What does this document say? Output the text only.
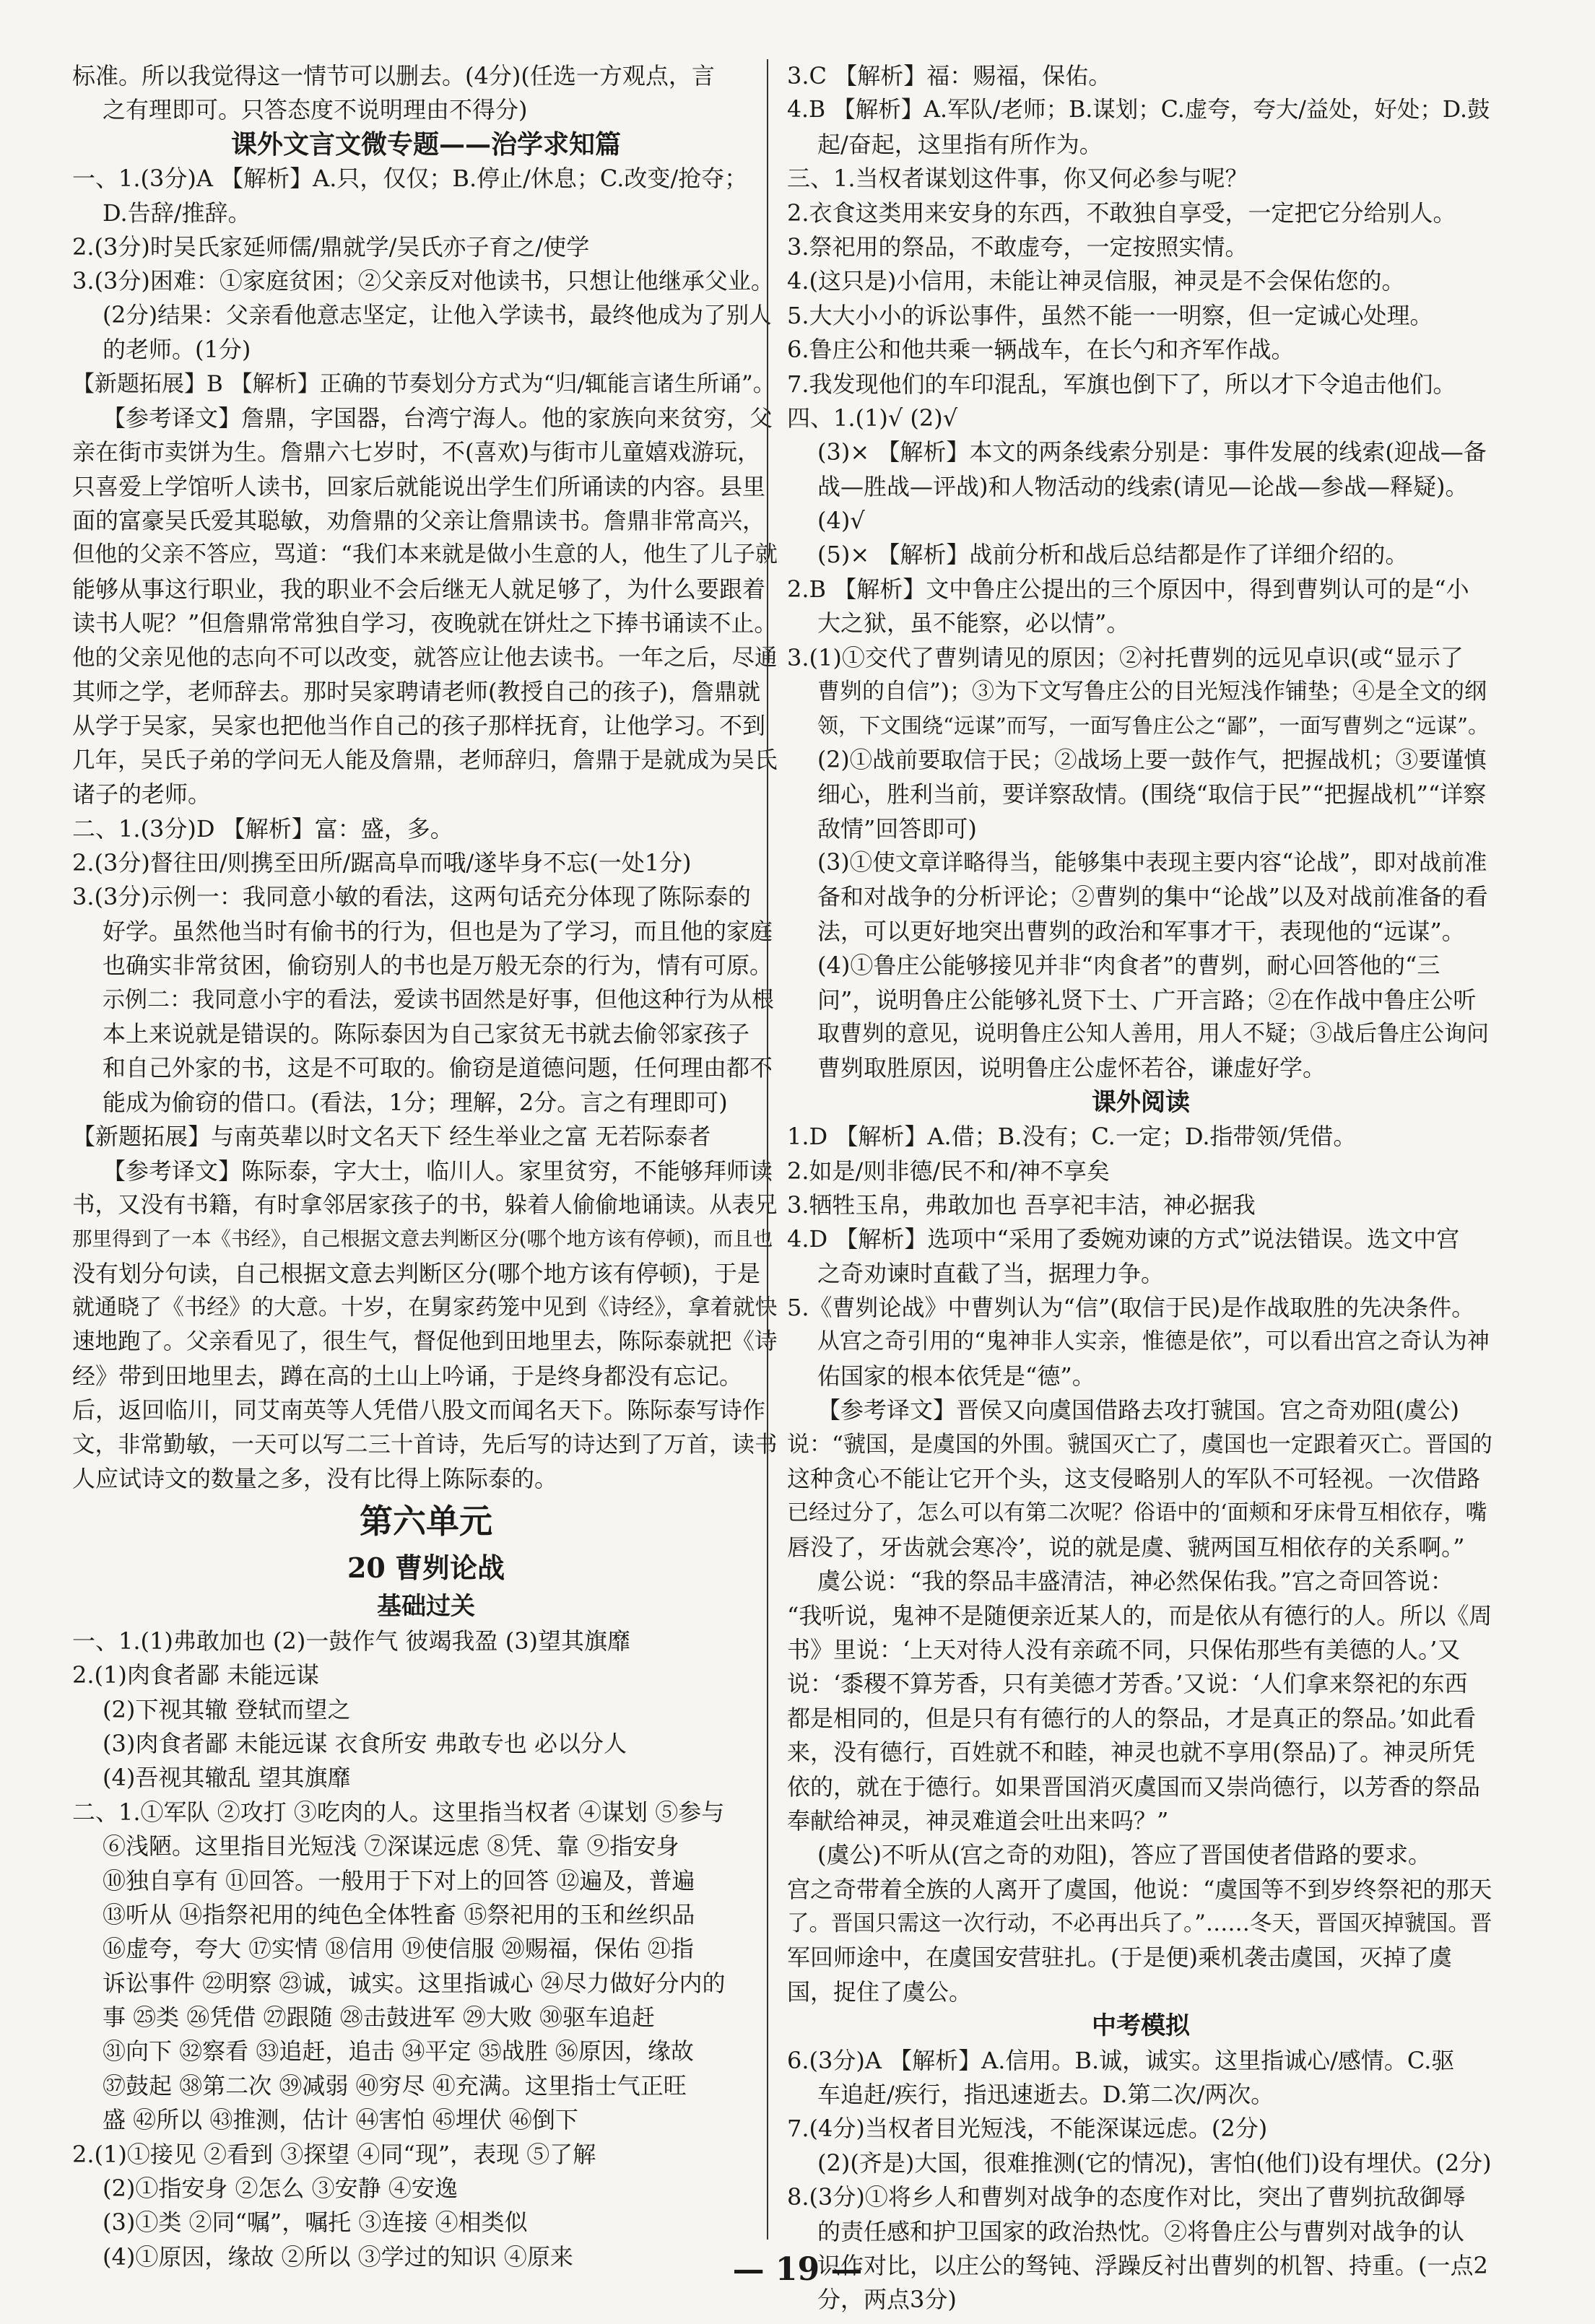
标准。所以我觉得这一情节可以删去。(4分)(任选一方观点，言
之有理即可。只答态度不说明理由不得分)
课外文言文微专题——治学求知篇
一、1.(3分)A 【解析】A.只，仅仅；B.停止/休息；C.改变/抢夺；
D.告辞/推辞。
2.(3分)时吴氏家延师儒/鼎就学/吴氏亦子育之/使学
3.(3分)困难：①家庭贫困；②父亲反对他读书，只想让他继承父业。
(2分)结果：父亲看他意志坚定，让他入学读书，最终他成为了别人
的老师。(1分)
【新题拓展】B 【解析】正确的节奏划分方式为“归/辄能言诸生所诵”。
【参考译文】詹鼎，字国器，台湾宁海人。他的家族向来贫穷，父
亲在街市卖饼为生。詹鼎六七岁时，不(喜欢)与街市儿童嬉戏游玩，
只喜爱上学馆听人读书，回家后就能说出学生们所诵读的内容。县里
面的富豪吴氏爱其聪敏，劝詹鼎的父亲让詹鼎读书。詹鼎非常高兴，
但他的父亲不答应，骂道：“我们本来就是做小生意的人，他生了儿子就
能够从事这行职业，我的职业不会后继无人就足够了，为什么要跟着
读书人呢？”但詹鼎常常独自学习，夜晚就在饼灶之下捧书诵读不止。
他的父亲见他的志向不可以改变，就答应让他去读书。一年之后，尽通
其师之学，老师辞去。那时吴家聘请老师(教授自己的孩子)，詹鼎就
从学于吴家，吴家也把他当作自己的孩子那样抚育，让他学习。不到
几年，吴氏子弟的学问无人能及詹鼎，老师辞归，詹鼎于是就成为吴氏
诸子的老师。
二、1.(3分)D 【解析】富：盛，多。
2.(3分)督往田/则携至田所/踞高阜而哦/遂毕身不忘(一处1分)
3.(3分)示例一：我同意小敏的看法，这两句话充分体现了陈际泰的
好学。虽然他当时有偷书的行为，但也是为了学习，而且他的家庭
也确实非常贫困，偷窃别人的书也是万般无奈的行为，情有可原。
示例二：我同意小宇的看法，爱读书固然是好事，但他这种行为从根
本上来说就是错误的。陈际泰因为自己家贫无书就去偷邻家孩子
和自己外家的书，这是不可取的。偷窃是道德问题，任何理由都不
能成为偷窃的借口。(看法，1分；理解，2分。言之有理即可)
【新题拓展】与南英辈以时文名天下 经生举业之富 无若际泰者
【参考译文】陈际泰，字大士，临川人。家里贫穷，不能够拜师读
书，又没有书籍，有时拿邻居家孩子的书，躲着人偷偷地诵读。从表兄
那里得到了一本《书经》，自己根据文意去判断区分(哪个地方该有停顿)，而且也
没有划分句读，自己根据文意去判断区分(哪个地方该有停顿)，于是
就通晓了《书经》的大意。十岁，在舅家药笼中见到《诗经》，拿着就快
速地跑了。父亲看见了，很生气，督促他到田地里去，陈际泰就把《诗
经》带到田地里去，蹲在高的土山上吟诵，于是终身都没有忘记。
后，返回临川，同艾南英等人凭借八股文而闻名天下。陈际泰写诗作
文，非常勤敏，一天可以写二三十首诗，先后写的诗达到了万首，读书
人应试诗文的数量之多，没有比得上陈际泰的。
第六单元
20 曹刿论战
基础过关
一、1.(1)弗敢加也 (2)一鼓作气 彼竭我盈 (3)望其旗靡
2.(1)肉食者鄙 未能远谋
(2)下视其辙 登轼而望之
(3)肉食者鄙 未能远谋 衣食所安 弗敢专也 必以分人
(4)吾视其辙乱 望其旗靡
二、1.①军队 ②攻打 ③吃肉的人。这里指当权者 ④谋划 ⑤参与
⑥浅陋。这里指目光短浅 ⑦深谋远虑 ⑧凭、靠 ⑨指安身
⑩独自享有 ⑪回答。一般用于下对上的回答 ⑫遍及，普遍
⑬听从 ⑭指祭祀用的纯色全体牲畜 ⑮祭祀用的玉和丝织品
⑯虚夸，夸大 ⑰实情 ⑱信用 ⑲使信服 ⑳赐福，保佑 ㉑指
诉讼事件 ㉒明察 ㉓诚，诚实。这里指诚心 ㉔尽力做好分内的
事 ㉕类 ㉖凭借 ㉗跟随 ㉘击鼓进军 ㉙大败 ㉚驱车追赶
㉛向下 ㉜察看 ㉝追赶，追击 ㉞平定 ㉟战胜 ㊱原因，缘故
㊲鼓起 ㊳第二次 ㊴减弱 ㊵穷尽 ㊶充满。这里指士气正旺
盛 ㊷所以 ㊸推测，估计 ㊹害怕 ㊺埋伏 ㊻倒下
2.(1)①接见 ②看到 ③探望 ④同“现”，表现 ⑤了解
(2)①指安身 ②怎么 ③安静 ④安逸
(3)①类 ②同“嘱”，嘱托 ③连接 ④相类似
(4)①原因，缘故 ②所以 ③学过的知识 ④原来
3.C 【解析】福：赐福，保佑。
4.B 【解析】A.军队/老师；B.谋划；C.虚夸，夸大/益处，好处；D.鼓
起/奋起，这里指有所作为。
三、1.当权者谋划这件事，你又何必参与呢？
2.衣食这类用来安身的东西，不敢独自享受，一定把它分给别人。
3.祭祀用的祭品，不敢虚夸，一定按照实情。
4.(这只是)小信用，未能让神灵信服，神灵是不会保佑您的。
5.大大小小的诉讼事件，虽然不能一一明察，但一定诚心处理。
6.鲁庄公和他共乘一辆战车，在长勺和齐军作战。
7.我发现他们的车印混乱，军旗也倒下了，所以才下令追击他们。
四、1.(1)√ (2)√
(3)× 【解析】本文的两条线索分别是：事件发展的线索(迎战—备
战—胜战—评战)和人物活动的线索(请见—论战—参战—释疑)。
(4)√
(5)× 【解析】战前分析和战后总结都是作了详细介绍的。
2.B 【解析】文中鲁庄公提出的三个原因中，得到曹刿认可的是“小
大之狱，虽不能察，必以情”。
3.(1)①交代了曹刿请见的原因；②衬托曹刿的远见卓识(或“显示了
曹刿的自信”)；③为下文写鲁庄公的目光短浅作铺垫；④是全文的纲
领，下文围绕“远谋”而写，一面写鲁庄公之“鄙”，一面写曹刿之“远谋”。
(2)①战前要取信于民；②战场上要一鼓作气，把握战机；③要谨慎
细心，胜利当前，要详察敌情。(围绕“取信于民”“把握战机”“详察
敌情”回答即可)
(3)①使文章详略得当，能够集中表现主要内容“论战”，即对战前准
备和对战争的分析评论；②曹刿的集中“论战”以及对战前准备的看
法，可以更好地突出曹刿的政治和军事才干，表现他的“远谋”。
(4)①鲁庄公能够接见并非“肉食者”的曹刿，耐心回答他的“三
问”，说明鲁庄公能够礼贤下士、广开言路；②在作战中鲁庄公听
取曹刿的意见，说明鲁庄公知人善用，用人不疑；③战后鲁庄公询问
曹刿取胜原因，说明鲁庄公虚怀若谷，谦虚好学。
课外阅读
1.D 【解析】A.借；B.没有；C.一定；D.指带领/凭借。
2.如是/则非德/民不和/神不享矣
3.牺牲玉帛，弗敢加也 吾享祀丰洁，神必据我
4.D 【解析】选项中“采用了委婉劝谏的方式”说法错误。选文中宫
之奇劝谏时直截了当，据理力争。
5.《曹刿论战》中曹刿认为“信”(取信于民)是作战取胜的先决条件。
从宫之奇引用的“鬼神非人实亲，惟德是依”，可以看出宫之奇认为神
佑国家的根本依凭是“德”。
【参考译文】晋侯又向虞国借路去攻打虢国。宫之奇劝阻(虞公)
说：“虢国，是虞国的外围。虢国灭亡了，虞国也一定跟着灭亡。晋国的
这种贪心不能让它开个头，这支侵略别人的军队不可轻视。一次借路
已经过分了，怎么可以有第二次呢？俗语中的‘面颊和牙床骨互相依存，嘴
唇没了，牙齿就会寒冷’，说的就是虞、虢两国互相依存的关系啊。”
虞公说：“我的祭品丰盛清洁，神必然保佑我。”宫之奇回答说：
“我听说，鬼神不是随便亲近某人的，而是依从有德行的人。所以《周
书》里说：‘上天对待人没有亲疏不同，只保佑那些有美德的人。’又
说：‘黍稷不算芳香，只有美德才芳香。’又说：‘人们拿来祭祀的东西
都是相同的，但是只有有德行的人的祭品，才是真正的祭品。’如此看
来，没有德行，百姓就不和睦，神灵也就不享用(祭品)了。神灵所凭
依的，就在于德行。如果晋国消灭虞国而又崇尚德行，以芳香的祭品
奉献给神灵，神灵难道会吐出来吗？”
(虞公)不听从(宫之奇的劝阻)，答应了晋国使者借路的要求。
宫之奇带着全族的人离开了虞国，他说：“虞国等不到岁终祭祀的那天
了。晋国只需这一次行动，不必再出兵了。”……冬天，晋国灭掉虢国。晋
军回师途中，在虞国安营驻扎。(于是便)乘机袭击虞国，灭掉了虞
国，捉住了虞公。
中考模拟
6.(3分)A 【解析】A.信用。B.诚，诚实。这里指诚心/感情。C.驱
车追赶/疾行，指迅速逝去。D.第二次/两次。
7.(4分)当权者目光短浅，不能深谋远虑。(2分)
(2)(齐是)大国，很难推测(它的情况)，害怕(他们)设有埋伏。(2分)
8.(3分)①将乡人和曹刿对战争的态度作对比，突出了曹刿抗敌御辱
的责任感和护卫国家的政治热忱。②将鲁庄公与曹刿对战争的认
识作对比，以庄公的驽钝、浮躁反衬出曹刿的机智、持重。(一点2
分，两点3分)
— 19 —
